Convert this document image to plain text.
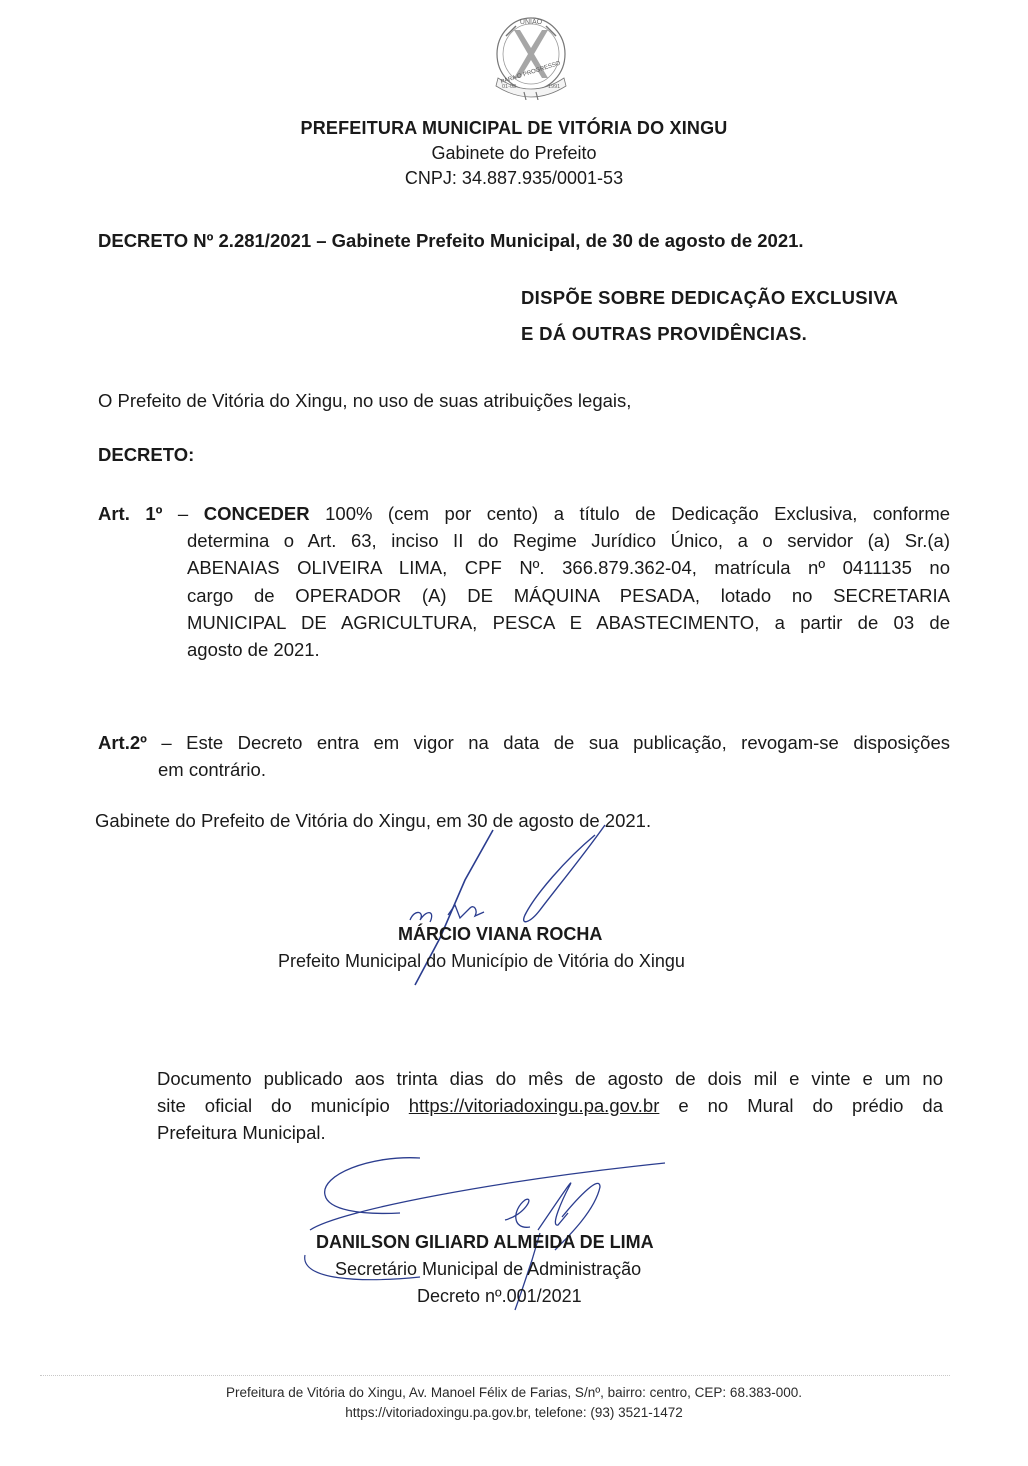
UNIÃO
01-03	1991
PARA O PROGRESSO
PREFEITURA MUNICIPAL DE VITÓRIA DO XINGU
Gabinete do Prefeito
CNPJ: 34.887.935/0001-53
DECRETO Nº 2.281/2021 – Gabinete Prefeito Municipal, de 30 de agosto de 2021.
DISPÕE SOBRE DEDICAÇÃO EXCLUSIVA
E DÁ OUTRAS PROVIDÊNCIAS.
O Prefeito de Vitória do Xingu, no uso de suas atribuições legais,
DECRETO:
Art. 1º – CONCEDER 100% (cem por cento) a título de Dedicação Exclusiva, conforme
determina o Art. 63, inciso II do Regime Jurídico Único, a o servidor (a) Sr.(a)
ABENAIAS OLIVEIRA LIMA, CPF Nº. 366.879.362-04, matrícula nº 0411135 no
cargo de OPERADOR (A) DE MÁQUINA PESADA, lotado no SECRETARIA
MUNICIPAL DE AGRICULTURA, PESCA E ABASTECIMENTO, a partir de 03 de
agosto de 2021.
Art.2º – Este Decreto entra em vigor na data de sua publicação, revogam-se disposições
em contrário.
Gabinete do Prefeito de Vitória do Xingu, em 30 de agosto de 2021.
MÁRCIO VIANA ROCHA
Prefeito Municipal do Município de Vitória do Xingu
Documento publicado aos trinta dias do mês de agosto de dois mil e vinte e um no
site oficial do município https://vitoriadoxingu.pa.gov.br e no Mural do prédio da
Prefeitura Municipal.
DANILSON GILIARD ALMEIDA DE LIMA
Secretário Municipal de Administração
Decreto nº.001/2021
Prefeitura de Vitória do Xingu, Av. Manoel Félix de Farias, S/nº, bairro: centro, CEP: 68.383-000.
https://vitoriadoxingu.pa.gov.br, telefone: (93) 3521-1472
